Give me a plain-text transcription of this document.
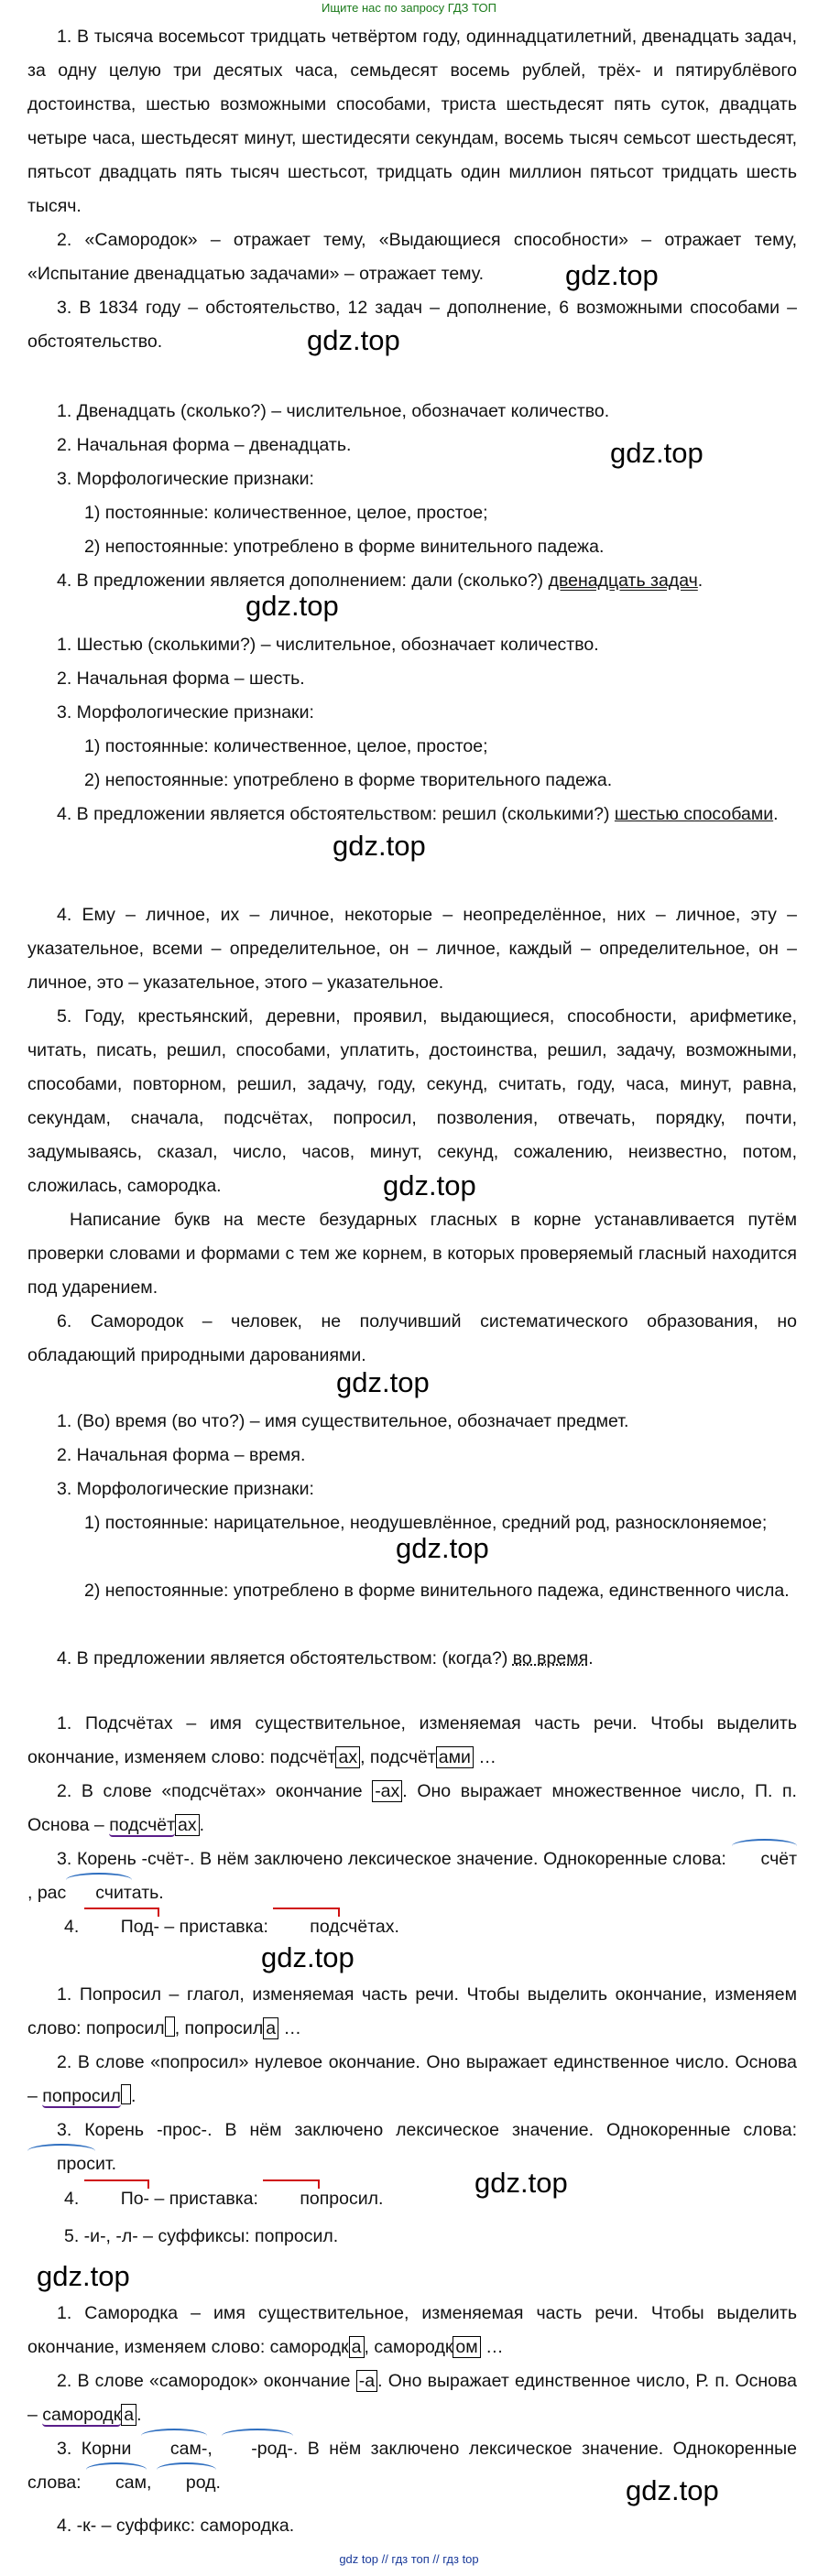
Ищите нас по запросу ГДЗ ТОП

1. В тысяча восемьсот тридцать четвёртом году, одиннадцатилетний, двенадцать задач, за одну целую три десятых часа, семьдесят восемь рублей, трёх- и пятирублёвого достоинства, шестью возможными способами, триста шестьдесят пять суток, двадцать четыре часа, шестьдесят минут, шестидесяти секундам, восемь тысяч семьсот шестьдесят, пятьсот двадцать пять тысяч шестьсот, тридцать один миллион пятьсот тридцать шесть тысяч.

2. «Самородок» – отражает тему, «Выдающиеся способности» – отражает тему, «Испытание двенадцатью задачами» – отражает тему.

3. В 1834 году – обстоятельство, 12 задач – дополнение, 6 возможными способами – обстоятельство.

gdz.top
gdz.top
1. Двенадцать (сколько?) – числительное, обозначает количество.
2. Начальная форма – двенадцать.
3. Морфологические признаки:
1) постоянные: количественное, целое, простое;
2) непостоянные: употреблено в форме винительного падежа.
4. В предложении является дополнением: дали (сколько?) двенадцать задач.
gdz.top
gdz.top
1. Шестью (сколькими?) – числительное, обозначает количество.
2. Начальная форма – шесть.
3. Морфологические признаки:
1) постоянные: количественное, целое, простое;
2) непостоянные: употреблено в форме творительного падежа.
4. В предложении является обстоятельством: решил (сколькими?) шестью способами.
gdz.top

4. Ему – личное, их – личное, некоторые – неопределённое, них – личное, эту – указательное, всеми – определительное, он – личное, каждый – определительное, он – личное, это – указательное, этого – указательное.

5. Году, крестьянский, деревни, проявил, выдающиеся, способности, арифметике, читать, писать, решил, способами, уплатить, достоинства, решил, задачу, возможными, способами, повторном, решил, задачу, году, секунд, считать, году, часа, минут, равна, секундам, сначала, подсчётах, попросил, позволения, отвечать, порядку, почти, задумываясь, сказал, число, часов, минут, секунд, сожалению, неизвестно, потом, сложилась, самородка.	gdz.top

Написание букв на месте безударных гласных в корне устанавливается путём проверки словами и формами с тем же корнем, в которых проверяемый гласный находится под ударением.

6. Самородок – человек, не получивший систематического образования, но обладающий природными дарованиями.

gdz.top
1. (Во) время (во что?) – имя существительное, обозначает предмет.
2. Начальная форма – время.
3. Морфологические признаки:
1) постоянные: нарицательное, неодушевлённое, средний род, разносклоняемое;
gdz.top
2) непостоянные: употреблено в форме винительного падежа, единственного числа.
4. В предложении является обстоятельством: (когда?) во время.

1. Подсчётах – имя существительное, изменяемая часть речи. Чтобы выделить окончание, изменяем слово: подсчёт ах , подсчёт ами …

2. В слове «подсчётах» окончание -ах . Оно выражает множественное число, П. п. Основа – подсчёт ах .

3. Корень -счёт-. В нём заключено лексическое значение. Однокоренные слова: счёт, рас считать.

4. Под- – приставка: подсчётах.

gdz.top

1. Попросил – глагол, изменяемая часть речи. Чтобы выделить окончание, изменяем слово: попросил , попросил а …

2. В слове «попросил» нулевое окончание. Оно выражает единственное число. Основа – попросил .

3. Корень -прос-. В нём заключено лексическое значение. Однокоренные слова: просит.

gdz.top

4. По- – приставка: попросил.

5. -и-, -л- – суффиксы: попросил.

gdz.top

1. Самородка – имя существительное, изменяемая часть речи. Чтобы выделить окончание, изменяем слово: самородк а , самородк ом …

2. В слове «самородок» окончание -а . Оно выражает единственное число, Р. п. Основа – самородк а .

3. Корни сам-, -род-. В нём заключено лексическое значение. Однокоренные слова: сам, род.	gdz.top

4. -к- – суффикс: самородка.

gdz top // гдз топ // гдз top
